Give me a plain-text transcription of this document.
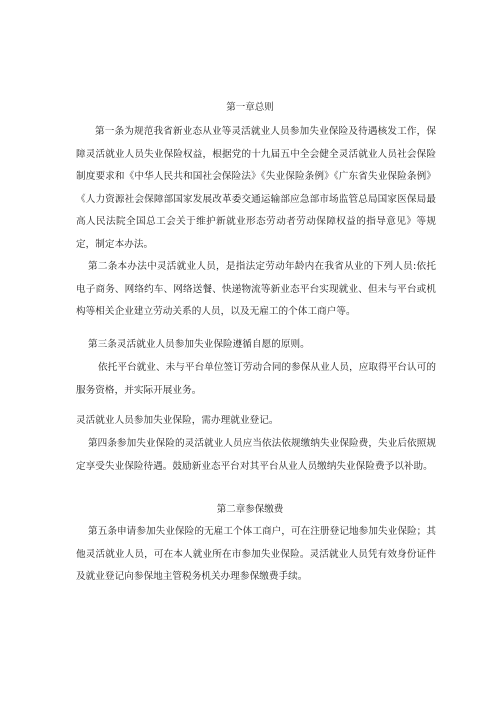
第一章总则
第一条为规范我省新业态从业等灵活就业人员参加失业保险及待遇核发工作，保障灵活就业人员失业保险权益，根据党的十九届五中全会健全灵活就业人员社会保险制度要求和《中华人民共和国社会保险法》《失业保险条例》《广东省失业保险条例》《人力资源社会保障部国家发展改革委交通运输部应急部市场监管总局国家医保局最高人民法院全国总工会关于维护新就业形态劳动者劳动保障权益的指导意见》等规定，制定本办法。
第二条本办法中灵活就业人员，是指法定劳动年龄内在我省从业的下列人员:依托电子商务、网络约车、网络送餐、快递物流等新业态平台实现就业、但未与平台或机构等相关企业建立劳动关系的人员，以及无雇工的个体工商户等。
第三条灵活就业人员参加失业保险遵循自愿的原则。
依托平台就业、未与平台单位签订劳动合同的参保从业人员，应取得平台认可的服务资格，并实际开展业务。
灵活就业人员参加失业保险，需办理就业登记。
第四条参加失业保险的灵活就业人员应当依法依规缴纳失业保险费，失业后依照规定享受失业保险待遇。鼓励新业态平台对其平台从业人员缴纳失业保险费予以补助。
第二章参保缴费
第五条申请参加失业保险的无雇工个体工商户，可在注册登记地参加失业保险；其他灵活就业人员，可在本人就业所在市参加失业保险。灵活就业人员凭有效身份证件及就业登记向参保地主管税务机关办理参保缴费手续。
